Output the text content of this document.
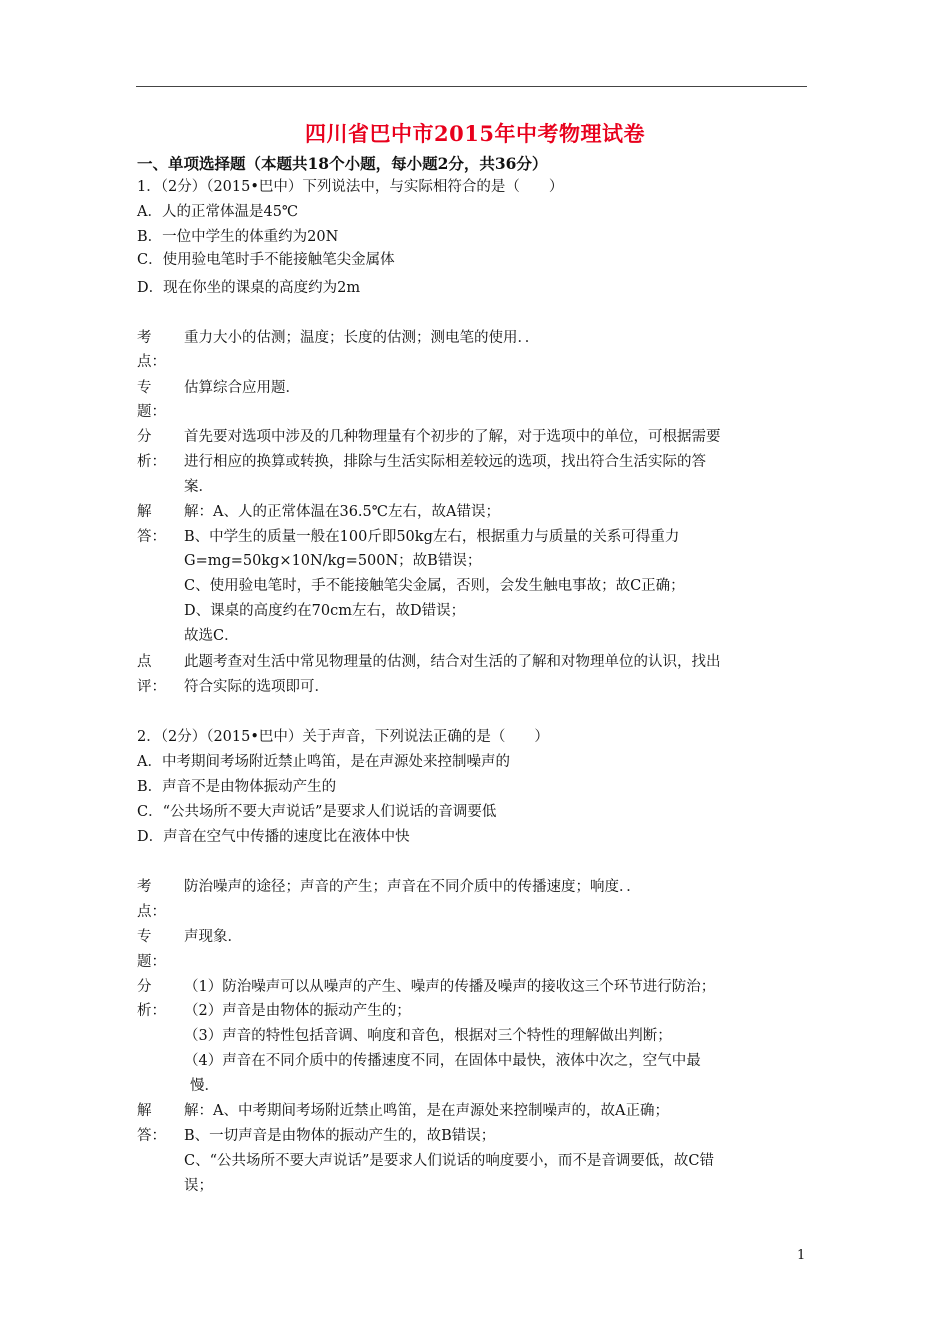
四川省巴中市2015年中考物理试卷
一、单项选择题（本题共18个小题，每小题2分，共36分）
1．（2分）（2015•巴中）下列说法中，与实际相符合的是（　　）
A．人的正常体温是45℃
B．一位中学生的体重约为20N
C．使用验电笔时手不能接触笔尖金属体
D．现在你坐的课桌的高度约为2m
考
点：
重力大小的估测；温度；长度的估测；测电笔的使用．．
专
题：
估算综合应用题．
分
析：
首先要对选项中涉及的几种物理量有个初步的了解，对于选项中的单位，可根据需要
进行相应的换算或转换，排除与生活实际相差较远的选项，找出符合生活实际的答
案．
解
答：
解：A、人的正常体温在36.5℃左右，故A错误；
B、中学生的质量一般在100斤即50kg左右，根据重力与质量的关系可得重力
G=mg=50kg×10N/kg=500N；故B错误；
C、使用验电笔时，手不能接触笔尖金属，否则，会发生触电事故；故C正确；
D、课桌的高度约在70cm左右，故D错误；
故选C．
点
评：
此题考查对生活中常见物理量的估测，结合对生活的了解和对物理单位的认识，找出
符合实际的选项即可．
2．（2分）（2015•巴中）关于声音，下列说法正确的是（　　）
A．中考期间考场附近禁止鸣笛，是在声源处来控制噪声的
B．声音不是由物体振动产生的
C．“公共场所不要大声说话”是要求人们说话的音调要低
D．声音在空气中传播的速度比在液体中快
考
点：
防治噪声的途径；声音的产生；声音在不同介质中的传播速度；响度．．
专
题：
声现象．
分
析：
（1）防治噪声可以从噪声的产生、噪声的传播及噪声的接收这三个环节进行防治；
（2）声音是由物体的振动产生的；
（3）声音的特性包括音调、响度和音色，根据对三个特性的理解做出判断；
（4）声音在不同介质中的传播速度不同，在固体中最快，液体中次之，空气中最
慢．
解
答：
解：A、中考期间考场附近禁止鸣笛，是在声源处来控制噪声的，故A正确；
B、一切声音是由物体的振动产生的，故B错误；
C、“公共场所不要大声说话”是要求人们说话的响度要小，而不是音调要低，故C错
误；
1
